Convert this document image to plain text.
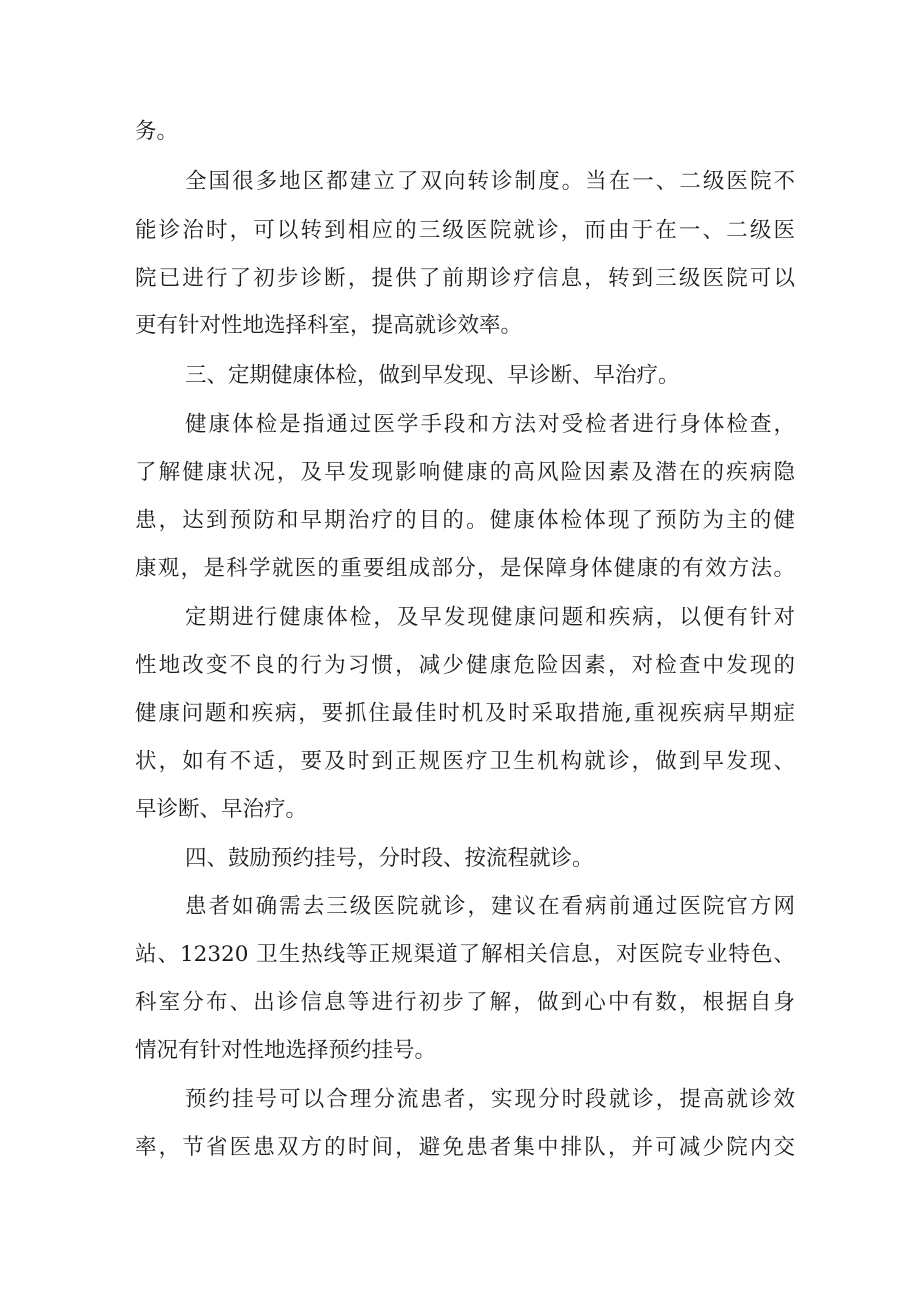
务。
全国很多地区都建立了双向转诊制度。当在一、二级医院不
能诊治时，可以转到相应的三级医院就诊，而由于在一、二级医
院已进行了初步诊断，提供了前期诊疗信息，转到三级医院可以
更有针对性地选择科室，提高就诊效率。
三、定期健康体检，做到早发现、早诊断、早治疗。
健康体检是指通过医学手段和方法对受检者进行身体检查，
了解健康状况，及早发现影响健康的高风险因素及潜在的疾病隐
患，达到预防和早期治疗的目的。健康体检体现了预防为主的健
康观，是科学就医的重要组成部分，是保障身体健康的有效方法。
定期进行健康体检，及早发现健康问题和疾病，以便有针对
性地改变不良的行为习惯，减少健康危险因素，对检查中发现的
健康问题和疾病，要抓住最佳时机及时采取措施,重视疾病早期症
状，如有不适，要及时到正规医疗卫生机构就诊，做到早发现、
早诊断、早治疗。
四、鼓励预约挂号，分时段、按流程就诊。
患者如确需去三级医院就诊，建议在看病前通过医院官方网
站、12320 卫生热线等正规渠道了解相关信息，对医院专业特色、
科室分布、出诊信息等进行初步了解，做到心中有数，根据自身
情况有针对性地选择预约挂号。
预约挂号可以合理分流患者，实现分时段就诊，提高就诊效
率，节省医患双方的时间，避免患者集中排队，并可减少院内交
